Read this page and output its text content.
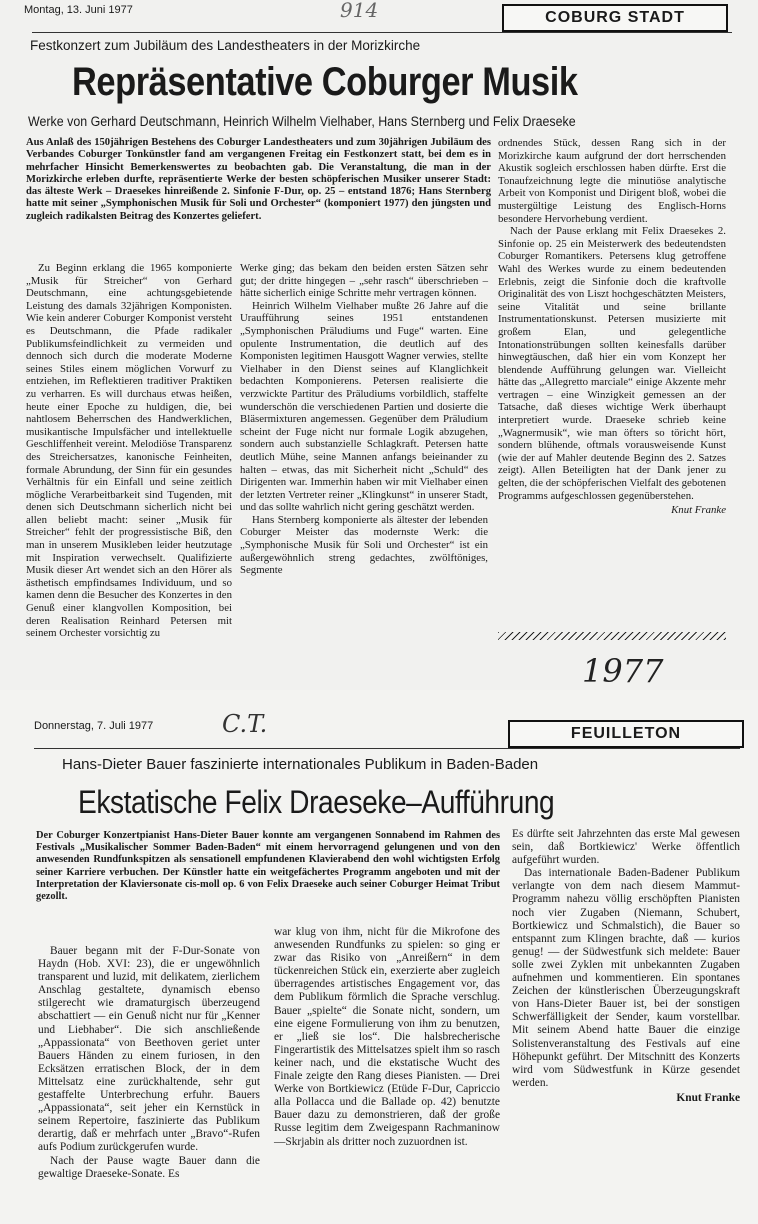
Montag, 13. Juni 1977	914	COBURG STADT
Festkonzert zum Jubiläum des Landestheaters in der Morizkirche
Repräsentative Coburger Musik
Werke von Gerhard Deutschmann, Heinrich Wilhelm Vielhaber, Hans Sternberg und Felix Draeseke
Aus Anlaß des 150jährigen Bestehens des Coburger Landestheaters und zum 30jährigen Jubiläum des Verbandes Coburger Tonkünstler fand am vergangenen Freitag ein Festkonzert statt, bei dem es in mehrfacher Hinsicht Bemerkenswertes zu beobachten gab. Die Veranstaltung, die man in der Morizkirche erleben durfte, repräsentierte Werke der besten schöpferischen Musiker unserer Stadt: das älteste Werk – Draesekes hinreißende 2. Sinfonie F-Dur, op. 25 – entstand 1876; Hans Sternberg hatte mit seiner „Symphonischen Musik für Soli und Orchester“ (komponiert 1977) den jüngsten und zugleich radikalsten Beitrag des Konzertes geliefert.

Zu Beginn erklang die 1965 komponierte „Musik für Streicher“ von Gerhard Deutschmann, eine achtungsgebietende Leistung des damals 32jährigen Komponisten. Wie kein anderer Coburger Komponist versteht es Deutschmann, die Pfade radikaler Publikumsfeindlichkeit zu vermeiden und dennoch sich durch die moderate Moderne seines Stiles einem möglichen Vorwurf zu entziehen, im Reflektieren traditiver Praktiken zu verharren. Es will durchaus etwas heißen, heute einer Epoche zu huldigen, die, bei nahtlosem Beherrschen des Handwerklichen, musikantische Impulsfächer und intellektuelle Geschliffenheit vereint. Melodiöse Transparenz des Streichersatzes, kanonische Feinheiten, formale Abrundung, der Sinn für ein gesundes Verhältnis für ein Einfall und seine zeitlich mögliche Verarbeitbarkeit sind Tugenden, mit denen sich Deutschmann sicherlich nicht bei allen beliebt macht: seiner „Musik für Streicher“ fehlt der progressistische Biß, den man in unserem Musikleben leider heutzutage mit Inspiration verwechselt. Qualifizierte Musik dieser Art wendet sich an den Hörer als ästhetisch empfindsames Individuum, und so kamen denn die Besucher des Konzertes in den Genuß einer klangvollen Komposition, bei deren Realisation Reinhard Petersen mit seinem Orchester vorsichtig zu

Werke ging; das bekam den beiden ersten Sätzen sehr gut; der dritte hingegen – „sehr rasch“ überschrieben – hätte sicherlich einige Schritte mehr vertragen können.

Heinrich Wilhelm Vielhaber mußte 26 Jahre auf die Uraufführung seines 1951 entstandenen „Symphonischen Präludiums und Fuge“ warten. Eine opulente Instrumentation, die deutlich auf des Komponisten legitimen Hausgott Wagner verwies, stellte Vielhaber in den Dienst seines auf Klanglichkeit bedachten Komponierens. Petersen realisierte die verzwickte Partitur des Präludiums vorbildlich, staffelte wunderschön die verschiedenen Partien und dosierte die Bläsermixturen angemessen. Gegenüber dem Präludium scheint der Fuge nicht nur formale Logik abzugehen, sondern auch substanzielle Schlagkraft. Petersen hatte deutlich Mühe, seine Mannen anfangs beieinander zu halten – etwas, das mit Sicherheit nicht „Schuld“ des Dirigenten war. Immerhin haben wir mit Vielhaber einen der letzten Vertreter reiner „Klingkunst“ in unserer Stadt, und das sollte wahrlich nicht gering geschätzt werden.

Hans Sternberg komponierte als ältester der lebenden Coburger Meister das modernste Werk: die „Symphonische Musik für Soli und Orchester“ ist ein außergewöhnlich streng gedachtes, zwölftöniges, Segmente

ordnendes Stück, dessen Rang sich in der Morizkirche kaum aufgrund der dort herrschenden Akustik sogleich erschlossen haben dürfte. Erst die Tonaufzeichnung legte die minutiöse analytische Arbeit von Komponist und Dirigent bloß, wobei die mustergültige Leistung des Englisch-Horns besondere Hervorhebung verdient.

Nach der Pause erklang mit Felix Draesekes 2. Sinfonie op. 25 ein Meisterwerk des bedeutendsten Coburger Romantikers. Petersens klug getroffene Wahl des Werkes wurde zu einem bedeutenden Erlebnis, zeigt die Sinfonie doch die kraftvolle Originalität des von Liszt hochgeschätzten Meisters, seine Vitalität und seine brillante Instrumentationskunst. Petersen musizierte mit großem Elan, und gelegentliche Intonationstrübungen sollten keinesfalls darüber hinwegtäuschen, daß hier ein vom Konzept her blendende Aufführung gelungen war. Vielleicht hätte das „Allegretto marciale“ einige Akzente mehr vertragen – eine Winzigkeit gemessen an der Tatsache, daß dieses wichtige Werk überhaupt interpretiert wurde. Draeseke schrieb keine „Wagnermusik“, wie man öfters so töricht hört, sondern blühende, oftmals vorausweisende Kunst (wie der auf Mahler deutende Beginn des 2. Satzes zeigt). Allen Beteiligten hat der Dank jener zu gelten, die der schöpferischen Vielfalt des gebotenen Programms aufgeschlossen gegenüberstehen.

Knut Franke
1977
Donnerstag, 7. Juli 1977	C.T.	FEUILLETON
Hans-Dieter Bauer faszinierte internationales Publikum in Baden-Baden
Ekstatische Felix Draeseke–Aufführung
Der Coburger Konzertpianist Hans-Dieter Bauer konnte am vergangenen Sonnabend im Rahmen des Festivals „Musikalischer Sommer Baden-Baden“ mit einem hervorragend gelungenen und von den anwesenden Rundfunkspitzen als sensationell empfundenen Klavierabend den wohl wichtigsten Erfolg seiner Karriere verbuchen. Der Künstler hatte ein weitgefächertes Programm angeboten und mit der Interpretation der Klaviersonate cis-moll op. 6 von Felix Draeseke auch seiner Coburger Heimat Tribut gezollt.

Bauer begann mit der F-Dur-Sonate von Haydn (Hob. XVI: 23), die er ungewöhnlich transparent und luzid, mit delikatem, zierlichem Anschlag gestaltete, dynamisch ebenso stilgerecht wie dramaturgisch überzeugend abschattiert — ein Genuß nicht nur für „Kenner und Liebhaber“. Die sich anschließende „Appassionata“ von Beethoven geriet unter Bauers Händen zu einem furiosen, in den Ecksätzen erratischen Block, der in dem Mittelsatz eine zurückhaltende, sehr gut gestaffelte Unterbrechung erfuhr. Bauers „Appassionata“, seit jeher ein Kernstück in seinem Repertoire, faszinierte das Publikum derartig, daß er mehrfach unter „Bravo“-Rufen aufs Podium zurückgerufen wurde.

Nach der Pause wagte Bauer dann die gewaltige Draeseke-Sonate. Es

war klug von ihm, nicht für die Mikrofone des anwesenden Rundfunks zu spielen: so ging er zwar das Risiko von „Anreißern“ in dem tückenreichen Stück ein, exerzierte aber zugleich überragendes artistisches Engagement vor, das dem Publikum förmlich die Sprache verschlug. Bauer „spielte“ die Sonate nicht, sondern, um eine eigene Formulierung von ihm zu benutzen, er „ließ sie los“. Die halsbrecherische Fingerartistik des Mittelsatzes spielt ihm so rasch keiner nach, und die ekstatische Wucht des Finale zeigte den Rang dieses Pianisten. — Drei Werke von Bortkiewicz (Etüde F-Dur, Capriccio alla Pollacca und die Ballade op. 42) benutzte Bauer dazu zu demonstrieren, daß der große Russe legitim dem Zweigespann Rachmaninow—Skrjabin als dritter noch zuzuordnen ist.

Es dürfte seit Jahrzehnten das erste Mal gewesen sein, daß Bortkiewicz' Werke öffentlich aufgeführt wurden.

Das internationale Baden-Badener Publikum verlangte von dem nach diesem Mammut-Programm nahezu völlig erschöpften Pianisten noch vier Zugaben (Niemann, Schubert, Bortkiewicz und Schmalstich), die Bauer so entspannt zum Klingen brachte, daß — kurios genug! — der Südwestfunk sich meldete: Bauer solle zwei Zyklen mit unbekannten Zugaben aufnehmen und kommentieren. Ein spontanes Zeichen der künstlerischen Überzeugungskraft von Hans-Dieter Bauer ist, bei der sonstigen Schwerfälligkeit der Sender, kaum vorstellbar. Mit seinem Abend hatte Bauer die einzige Solistenveranstaltung des Festivals auf eine Höhepunkt geführt. Der Mitschnitt des Konzerts wird vom Südwestfunk in Kürze gesendet werden.

Knut Franke
